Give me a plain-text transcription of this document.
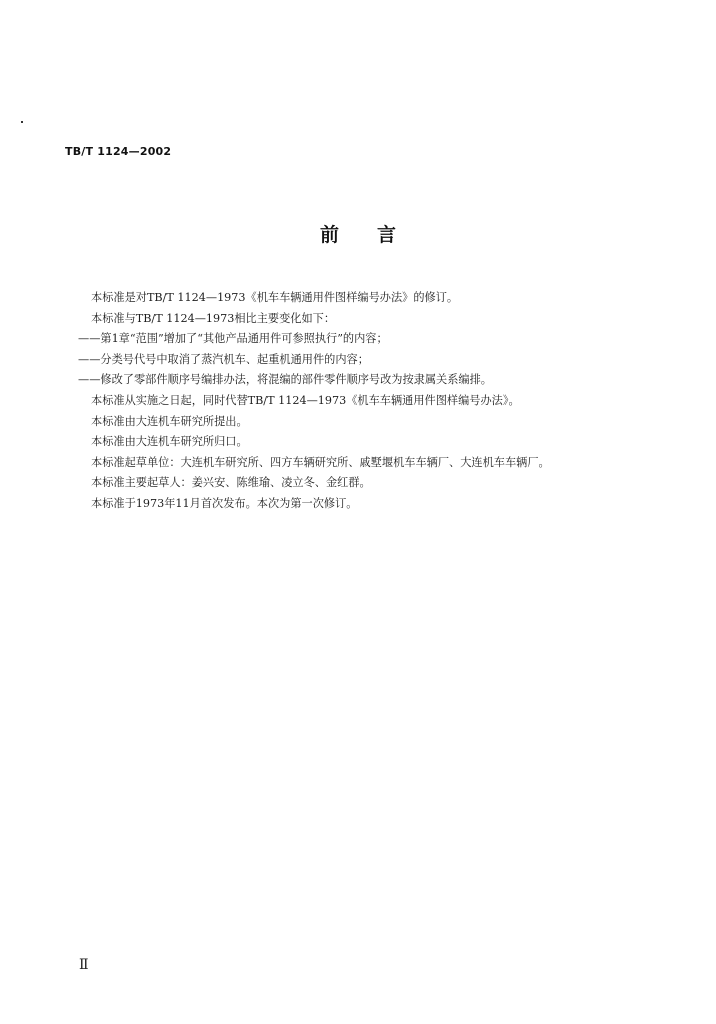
TB/T 1124—2002
前言
本标准是对TB/T 1124—1973《机车车辆通用件图样编号办法》的修订。
本标准与TB/T 1124—1973相比主要变化如下：
——第1章“范围”增加了“其他产品通用件可参照执行”的内容；
——分类号代号中取消了蒸汽机车、起重机通用件的内容；
——修改了零部件顺序号编排办法，将混编的部件零件顺序号改为按隶属关系编排。
本标准从实施之日起，同时代替TB/T 1124—1973《机车车辆通用件图样编号办法》。
本标准由大连机车研究所提出。
本标准由大连机车研究所归口。
本标准起草单位：大连机车研究所、四方车辆研究所、戚墅堰机车车辆厂、大连机车车辆厂。
本标准主要起草人：姜兴安、陈维瑜、凌立冬、金红群。
本标准于1973年11月首次发布。本次为第一次修订。
Ⅱ
